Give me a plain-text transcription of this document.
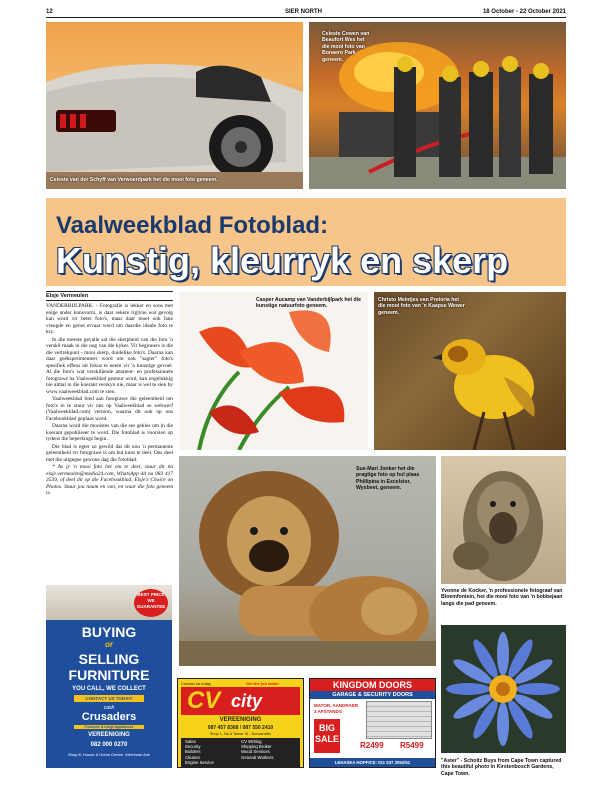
12	SIER NORTH	18 October - 22 October 2021
Celeste van der Schyff van Verwoerdpark het die mooi foto geneem.
Celeste Cowen van Beaufort Wes het die mooi foto van Bonaero Park geneem.
Vaalweekblad Fotoblad:
Kunstig, kleurryk en skerp
Elsje Vermeulen

VANDERBIJLPARK. - Fotografie is lekker en soos met enige ander kunsvorm, is daar sekere riglyne wat gevolg kan word vir beter foto's, maar daar moet ook baie vreugde en genot ervaar word om daardie ideale foto te kry.

In die meeste gevalle sal die skerpheid van die foto 'n verskil maak in die oog van die kyker. Vir beginners is die die vertrekpunt - mooi skerp, duidelike foto's. Daarna kan daar geëksperimenteer word om ook "sagter" foto's spesifiek effens uit fokus te neem vir 'n kunstige gevoel. Al die foto's wat verskillende amateur- en professionele fotograwe na Vaalweekblad gestuur word, kan ongelukkig nie almal in die koerant verskyn nie, maar is wel te sien by www.vaalweekblad.com te sien.

Vaalweekblad bied aan fotograwe die geleentheid om foto's in te stuur vir ons op Vaalweekblad se webwerf (Vaalweekblad.com) vertoon, waarna dit ook op ons Facebookblad geplaas word.

Daarna word die mooistes van die ses gekies om in die koerant gepubliseer te word. Die fotoblad is voorsien op tydens die beperkings begin.

Die blad is egter so gewild dat dit nou 'n permanente geleentheid vir fotograwe is om hul kuns te deel. Ons deel met die uitgegee gewone dag die fotoblad.

* As jy 'n mooi foto het om te deel, stuur dit na elsje.vermeulen@media24.com, WhatsApp dit na 083 417 3539, of deel dit op die Facebookblad, Elsje's Choice on Photos. Stuur jou naam en van, en waar die foto geneem is.

Casper Aucamp van Vanderbijlpark het die kunstige natuurfoto geneem.
Christo Meintjes van Pretoria het die mooi foto van 'n Kaapse Wewer geneem.
Sue-Mari Jonker het die pragtige foto op hul plaas Phillipina in Excelsior, Wysbeet, geneem.
Yvonne de Kocker, 'n professionele fotograaf van Bloemfontein, het die mooi foto van 'n bobbejaan langs die pad geneem.
"Aster" - Scholtz Buys from Cape Town captured this beautiful photo in Kirstenbosch Gardens, Cape Town.
BEST PRICE WE GUARANTEE
BUYING
or
SELLING
FURNITURE
YOU CALL, WE COLLECT
CONTACT US TODAY!
cash
Crusaders
Furniture & Large Appliances
VEREENIGING
082 000 0270
Shop 8, House & Home Centre, Merriman Ave
Contact us today	Get the job faster
CV city
VEREENIGING
087 457 8368 / 087 550 2410
Shop 1, No 6 Tamar St - Duncanville
Sales
Security
Builders
Cleaner
Engine Service
CV Writing
Shipping Broker
Wood Services
General Workers
KINGDOM DOORS
GARAGE & SECURITY DOORS
MATOR, AANDRAER
2 AFSTANDS
BIG SALE
R2499 R5499
LEHASEA HOPFICE: 011 037 2052/61
